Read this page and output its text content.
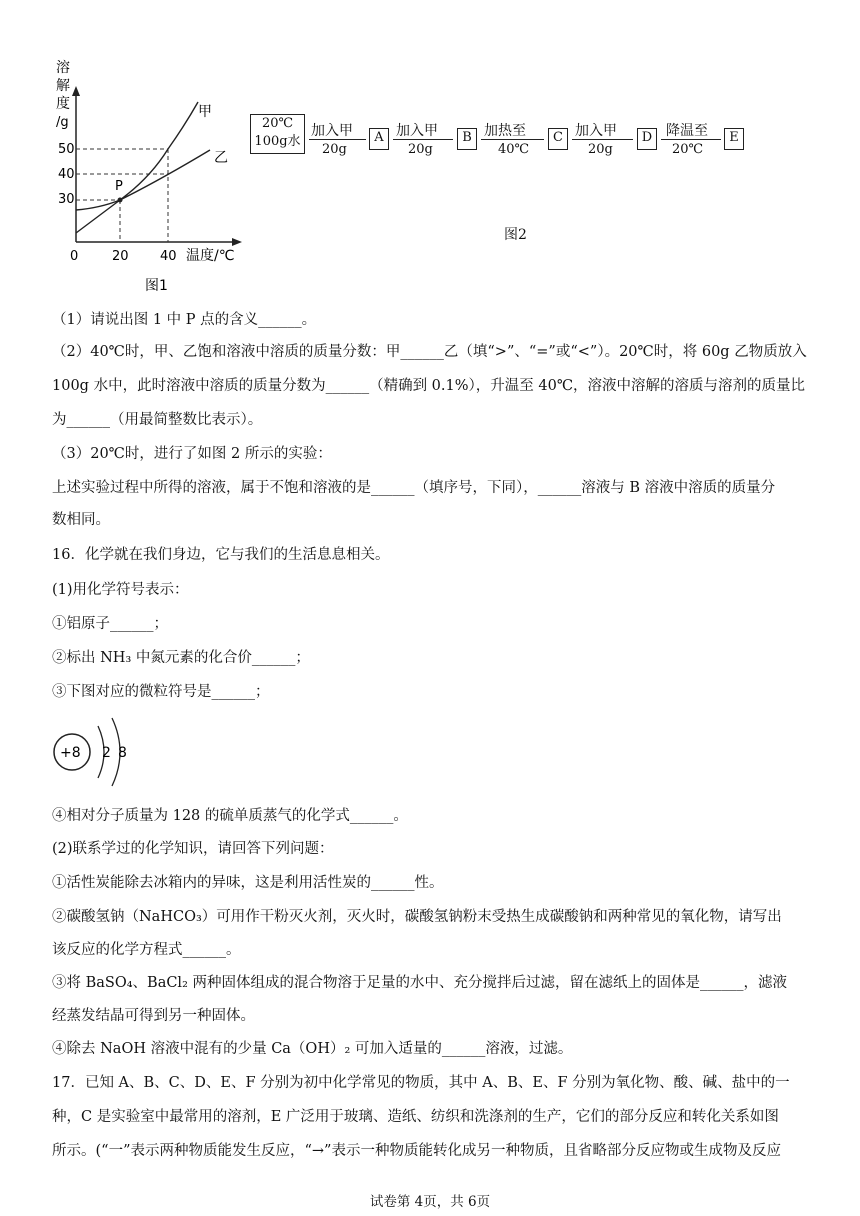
溶
解
度
/g
50
40
30
0	20 40 温度/℃
P
甲
乙
图1
20℃
100g水
加入甲
20g
A 加入甲
20g
B 加热至
40℃
C 加入甲
20g
D 降温至
20℃
E
图2
（1）请说出图 1 中 P 点的含义______。
（2）40℃时，甲、乙饱和溶液中溶质的质量分数：甲______乙（填“>”、“=”或“<”）。20℃时，将 60g 乙物质放入
100g 水中，此时溶液中溶质的质量分数为______（精确到 0.1%），升温至 40℃，溶液中溶解的溶质与溶剂的质量比
为______（用最简整数比表示）。
（3）20℃时，进行了如图 2 所示的实验：
上述实验过程中所得的溶液，属于不饱和溶液的是______（填序号，下同），______溶液与 B 溶液中溶质的质量分
数相同。
16．化学就在我们身边，它与我们的生活息息相关。
(1)用化学符号表示：
①铝原子______；
②标出 NH₃ 中氮元素的化合价______；
③下图对应的微粒符号是______；
+8 2 8
④相对分子质量为 128 的硫单质蒸气的化学式______。
(2)联系学过的化学知识，请回答下列问题：
①活性炭能除去冰箱内的异味，这是利用活性炭的______性。
②碳酸氢钠（NaHCO₃）可用作干粉灭火剂，灭火时，碳酸氢钠粉末受热生成碳酸钠和两种常见的氧化物，请写出
该反应的化学方程式______。
③将 BaSO₄、BaCl₂ 两种固体组成的混合物溶于足量的水中、充分搅拌后过滤，留在滤纸上的固体是______，滤液
经蒸发结晶可得到另一种固体。
④除去 NaOH 溶液中混有的少量 Ca（OH）₂ 可加入适量的______溶液，过滤。
17．已知 A、B、C、D、E、F 分别为初中化学常见的物质，其中 A、B、E、F 分别为氧化物、酸、碱、盐中的一
种，C 是实验室中最常用的溶剂，E 广泛用于玻璃、造纸、纺织和洗涤剂的生产，它们的部分反应和转化关系如图
所示。(“一”表示两种物质能发生反应，“→”表示一种物质能转化成另一种物质，且省略部分反应物或生成物及反应
试卷第 4页，共 6页
